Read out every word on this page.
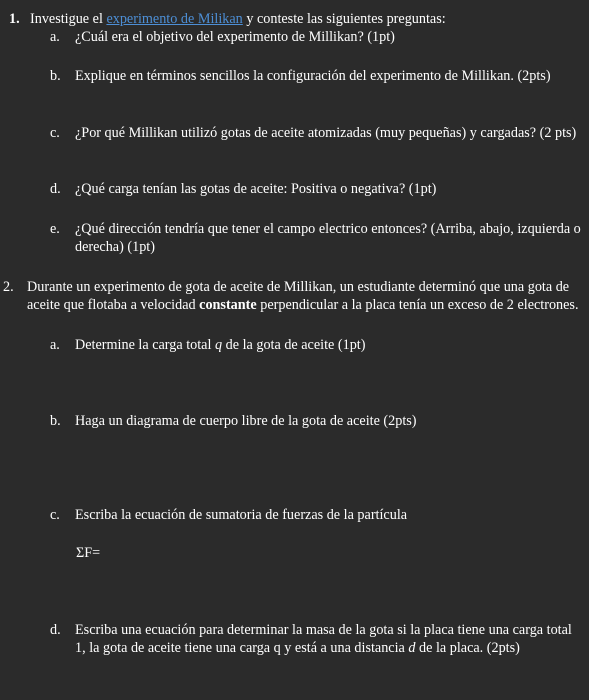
1. Investigue el experimento de Milikan y conteste las siguientes preguntas:
a. ¿Cuál era el objetivo del experimento de Millikan? (1pt)
b. Explique en términos sencillos la configuración del experimento de Millikan. (2pts)
c. ¿Por qué Millikan utilizó gotas de aceite atomizadas (muy pequeñas) y cargadas? (2 pts)
d. ¿Qué carga tenían las gotas de aceite: Positiva o negativa? (1pt)
e. ¿Qué dirección tendría que tener el campo electrico entonces? (Arriba, abajo, izquierda o derecha) (1pt)
2. Durante un experimento de gota de aceite de Millikan, un estudiante determinó que una gota de aceite que flotaba a velocidad constante perpendicular a la placa tenía un exceso de 2 electrones.
a. Determine la carga total q de la gota de aceite (1pt)
b. Haga un diagrama de cuerpo libre de la gota de aceite (2pts)
c. Escriba la ecuación de sumatoria de fuerzas de la partícula
ΣF=
d. Escriba una ecuación para determinar la masa de la gota si la placa tiene una carga total 1, la gota de aceite tiene una carga q y está a una distancia d de la placa. (2pts)
